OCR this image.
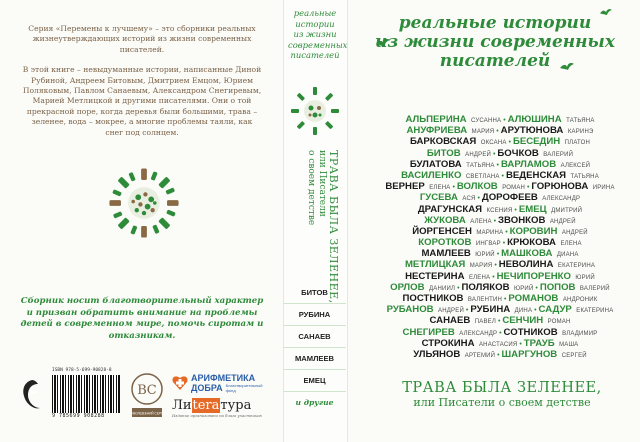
Серия «Перемены к лучшему» – это сборники реальных жизнеутверждающих историй из жизни современных писателей.

В этой книге – невыдуманные истории, написанные Диной Рубиной, Андреем Битовым, Дмитрием Емцом, Юрием Поляковым, Павлом Санаевым, Александром Снегиревым, Марией Метлицкой и другими писателями. Они о той прекрасной поре, когда деревья были большими, трава – зеленее, вода – мокрее, а многие проблемы таяли, как снег под солнцем.

Сборник носит благотворительный характер и призван обратить внимание на проблемы детей в современном мире, помочь сиротам и отказникам.
ISBN 978-5-699-90828-8
9 785699 908288
ВС
ООО «ВОЛШЕБНИЙ СЕРГЕЕВ»
АРИФМЕТИКА
ДОБРА Благотворительный фонд
Лиteraтура
Издание организовано на благо участников
реальные
истории
из жизни
современных
писателей
ТРАВА БЫЛА ЗЕЛЕНЕЕ,
или Писатели
о своем детстве
БИТОВ
РУБИНА
САНАЕВ
МАМЛЕЕВ
ЕМЕЦ
и другие
реальные истории
из жизни современных
писателей
АЛЬПЕРИНА СУСАННА • АЛЮШИНА ТАТЬЯНА
АНУФРИЕВА МАРИЯ • АРУТЮНОВА КАРИНЭ
БАРКОВСКАЯ ОКСАНА • БЕСЕДИН ПЛАТОН
БИТОВ АНДРЕЙ • БОЧКОВ ВАЛЕРИЙ
БУЛАТОВА ТАТЬЯНА • ВАРЛАМОВ АЛЕКСЕЙ
ВАСИЛЕНКО СВЕТЛАНА • ВЕДЕНСКАЯ ТАТЬЯНА
ВЕРНЕР ЕЛЕНА • ВОЛКОВ РОМАН • ГОРЮНОВА ИРИНА
ГУСЕВА АСЯ • ДОРОФЕЕВ АЛЕКСАНДР
ДРАГУНСКАЯ КСЕНИЯ • ЕМЕЦ ДМИТРИЙ
ЖУКОВА АЛЕНА • ЗВОНКОВ АНДРЕЙ
ЙОРГЕНСЕН МАРИНА • КОРОВИН АНДРЕЙ
КОРОТКОВ ИНГВАР • КРЮКОВА ЕЛЕНА
МАМЛЕЕВ ЮРИЙ • МАШКОВА ДИАНА
МЕТЛИЦКАЯ МАРИЯ • НЕВОЛИНА ЕКАТЕРИНА
НЕСТЕРИНА ЕЛЕНА • НЕЧИПОРЕНКО ЮРИЙ
ОРЛОВ ДАНИИЛ • ПОЛЯКОВ ЮРИЙ • ПОПОВ ВАЛЕРИЙ
ПОСТНИКОВ ВАЛЕНТИН • РОМАНОВ АНДРОНИК
РУБАНОВ АНДРЕЙ • РУБИНА ДИНА • САДУР ЕКАТЕРИНА
САНАЕВ ПАВЕЛ • СЕНЧИН РОМАН
СНЕГИРЕВ АЛЕКСАНДР • СОТНИКОВ ВЛАДИМИР
СТРОКИНА АНАСТАСИЯ • ТРАУБ МАША
УЛЬЯНОВ АРТЕМИЙ • ШАРГУНОВ СЕРГЕЙ
ТРАВА БЫЛА ЗЕЛЕНЕЕ,
или Писатели о своем детстве
